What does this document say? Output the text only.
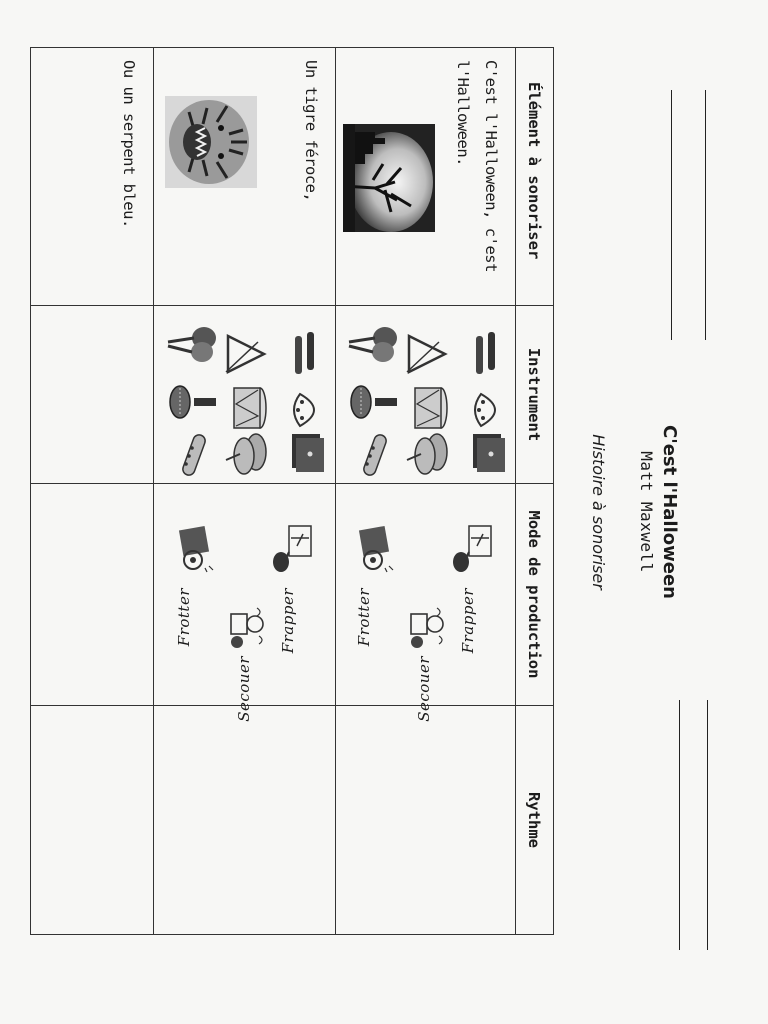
C'est l'Halloween
Matt Maxwell
Histoire à sonoriser
Élément à sonoriser
Instrument
Mode de production
Rythme
C'est l'Halloween, c'est
l'Halloween.
Frapper
Frotter
Secouer
Un tigre féroce,
Frapper
Frotter
Secouer
Ou un serpent bleu.
